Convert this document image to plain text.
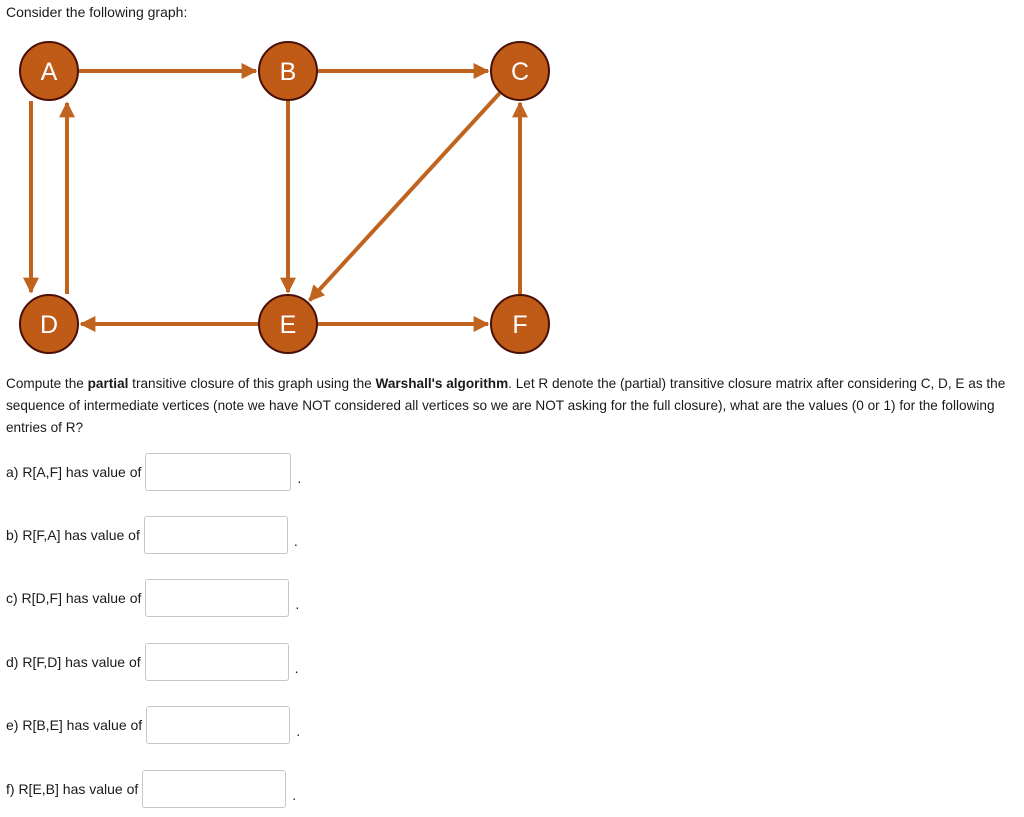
Consider the following graph:
A	B	C
D	E	F
Compute the partial transitive closure of this graph using the Warshall's algorithm. Let R denote the (partial) transitive closure matrix after considering C, D, E as the sequence of intermediate vertices (note we have NOT considered all vertices so we are NOT asking for the full closure), what are the values (0 or 1) for the following entries of R?
a) R[A,F] has value of	.
b) R[F,A] has value of	.
c) R[D,F] has value of	.
d) R[F,D] has value of	.
e) R[B,E] has value of	.
f) R[E,B] has value of	.
